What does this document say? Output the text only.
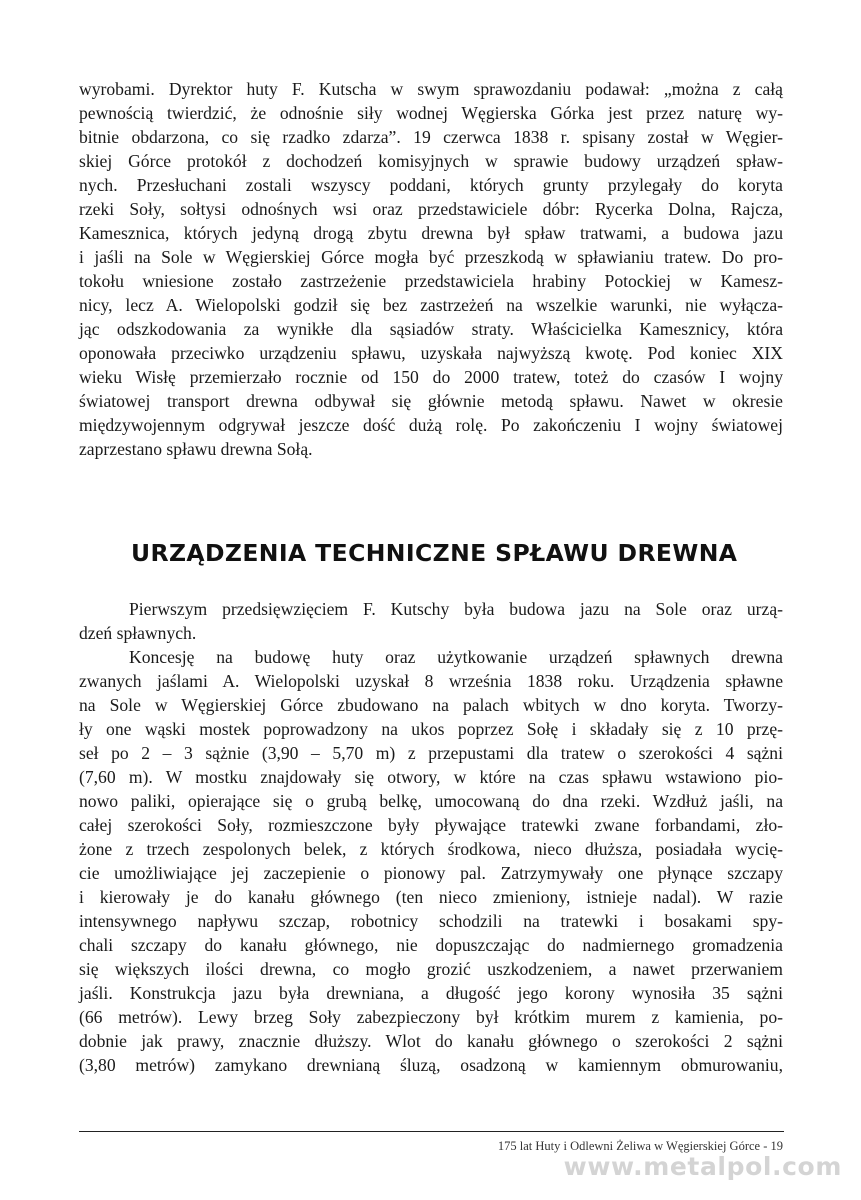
wyrobami. Dyrektor huty F. Kutscha w swym sprawozdaniu podawał: „można z całą
pewnością twierdzić, że odnośnie siły wodnej Węgierska Górka jest przez naturę wy-
bitnie obdarzona, co się rzadko zdarza”. 19 czerwca 1838 r. spisany został w Węgier-
skiej Górce protokół z dochodzeń komisyjnych w sprawie budowy urządzeń spław-
nych. Przesłuchani zostali wszyscy poddani, których grunty przylegały do koryta
rzeki Soły, sołtysi odnośnych wsi oraz przedstawiciele dóbr: Rycerka Dolna, Rajcza,
Kamesznica, których jedyną drogą zbytu drewna był spław tratwami, a budowa jazu
i jaśli na Sole w Węgierskiej Górce mogła być przeszkodą w spławianiu tratew. Do pro-
tokołu wniesione zostało zastrzeżenie przedstawiciela hrabiny Potockiej w Kamesz-
nicy, lecz A. Wielopolski godził się bez zastrzeżeń na wszelkie warunki, nie wyłącza-
jąc odszkodowania za wynikłe dla sąsiadów straty. Właścicielka Kamesznicy, która
oponowała przeciwko urządzeniu spławu, uzyskała najwyższą kwotę. Pod koniec XIX
wieku Wisłę przemierzało rocznie od 150 do 2000 tratew, toteż do czasów I wojny
światowej transport drewna odbywał się głównie metodą spławu. Nawet w okresie
międzywojennym odgrywał jeszcze dość dużą rolę. Po zakończeniu I wojny światowej
zaprzestano spławu drewna Sołą.
URZĄDZENIA TECHNICZNE SPŁAWU DREWNA
Pierwszym przedsięwzięciem F. Kutschy była budowa jazu na Sole oraz urzą-
dzeń spławnych.
Koncesję na budowę huty oraz użytkowanie urządzeń spławnych drewna
zwanych jaślami A. Wielopolski uzyskał 8 września 1838 roku. Urządzenia spławne
na Sole w Węgierskiej Górce zbudowano na palach wbitych w dno koryta. Tworzy-
ły one wąski mostek poprowadzony na ukos poprzez Sołę i składały się z 10 przę-
seł po 2 – 3 sążnie (3,90 – 5,70 m) z przepustami dla tratew o szerokości 4 sążni
(7,60 m). W mostku znajdowały się otwory, w które na czas spławu wstawiono pio-
nowo paliki, opierające się o grubą belkę, umocowaną do dna rzeki. Wzdłuż jaśli, na
całej szerokości Soły, rozmieszczone były pływające tratewki zwane forbandami, zło-
żone z trzech zespolonych belek, z których środkowa, nieco dłuższa, posiadała wycię-
cie umożliwiające jej zaczepienie o pionowy pal. Zatrzymywały one płynące szczapy
i kierowały je do kanału głównego (ten nieco zmieniony, istnieje nadal). W razie
intensywnego napływu szczap, robotnicy schodzili na tratewki i bosakami spy-
chali szczapy do kanału głównego, nie dopuszczając do nadmiernego gromadzenia
się większych ilości drewna, co mogło grozić uszkodzeniem, a nawet przerwaniem
jaśli. Konstrukcja jazu była drewniana, a długość jego korony wynosiła 35 sążni
(66 metrów). Lewy brzeg Soły zabezpieczony był krótkim murem z kamienia, po-
dobnie jak prawy, znacznie dłuższy. Wlot do kanału głównego o szerokości 2 sążni
(3,80 metrów) zamykano drewnianą śluzą, osadzoną w kamiennym obmurowaniu,
175 lat Huty i Odlewni Żeliwa w Węgierskiej Górce - 19
www.metalpol.com
